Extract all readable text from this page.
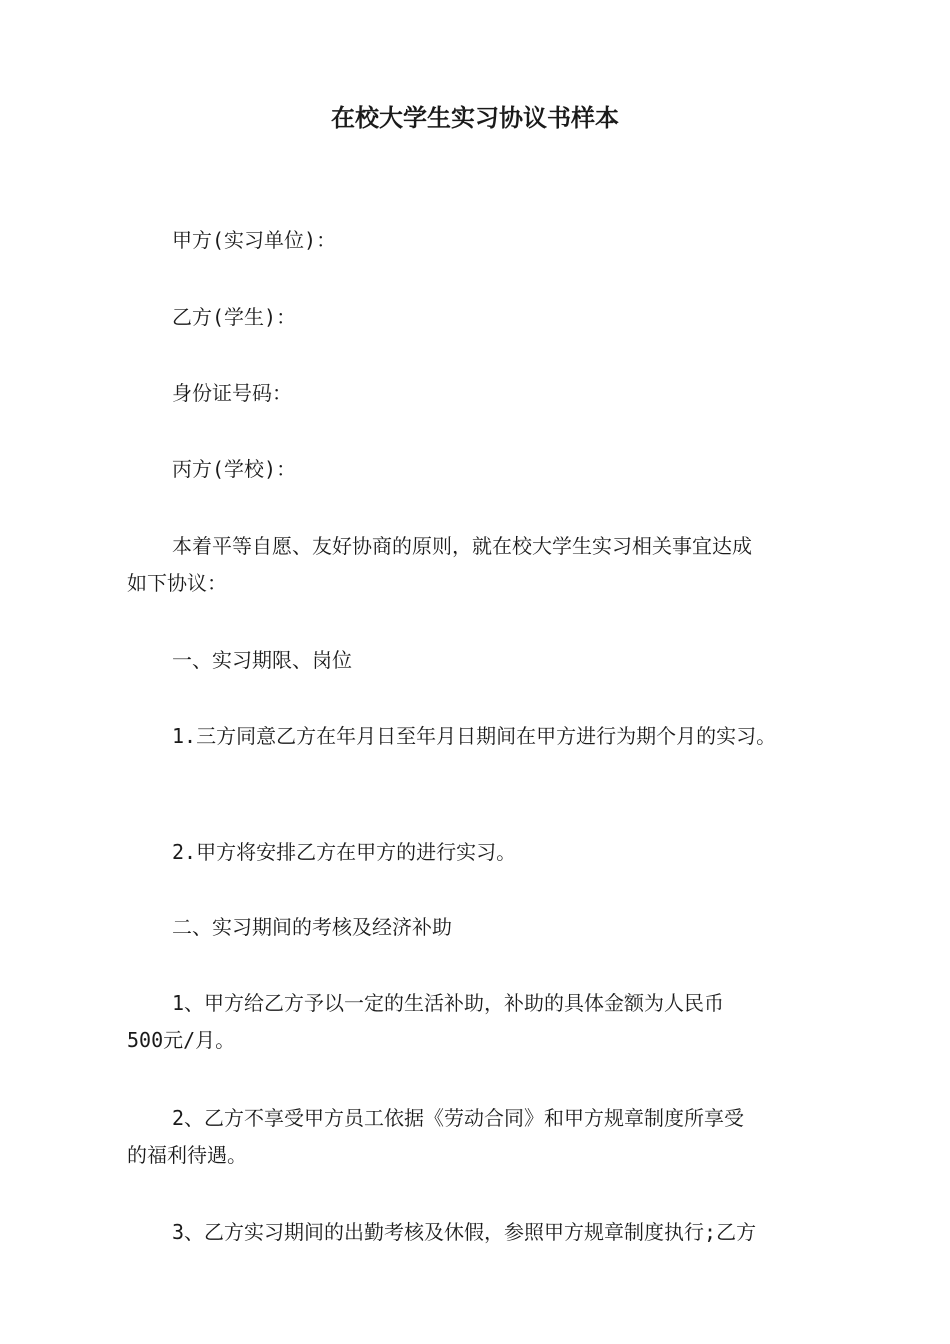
在校大学生实习协议书样本

甲方(实习单位)：

乙方(学生)：

身份证号码：

丙方(学校)：

本着平等自愿、友好协商的原则，就在校大学生实习相关事宜达成
如下协议：

一、实习期限、岗位

1.三方同意乙方在年月日至年月日期间在甲方进行为期个月的实习。

2.甲方将安排乙方在甲方的进行实习。

二、实习期间的考核及经济补助

1、甲方给乙方予以一定的生活补助，补助的具体金额为人民币
500元/月。

2、乙方不享受甲方员工依据《劳动合同》和甲方规章制度所享受
的福利待遇。

3、乙方实习期间的出勤考核及休假，参照甲方规章制度执行;乙方
